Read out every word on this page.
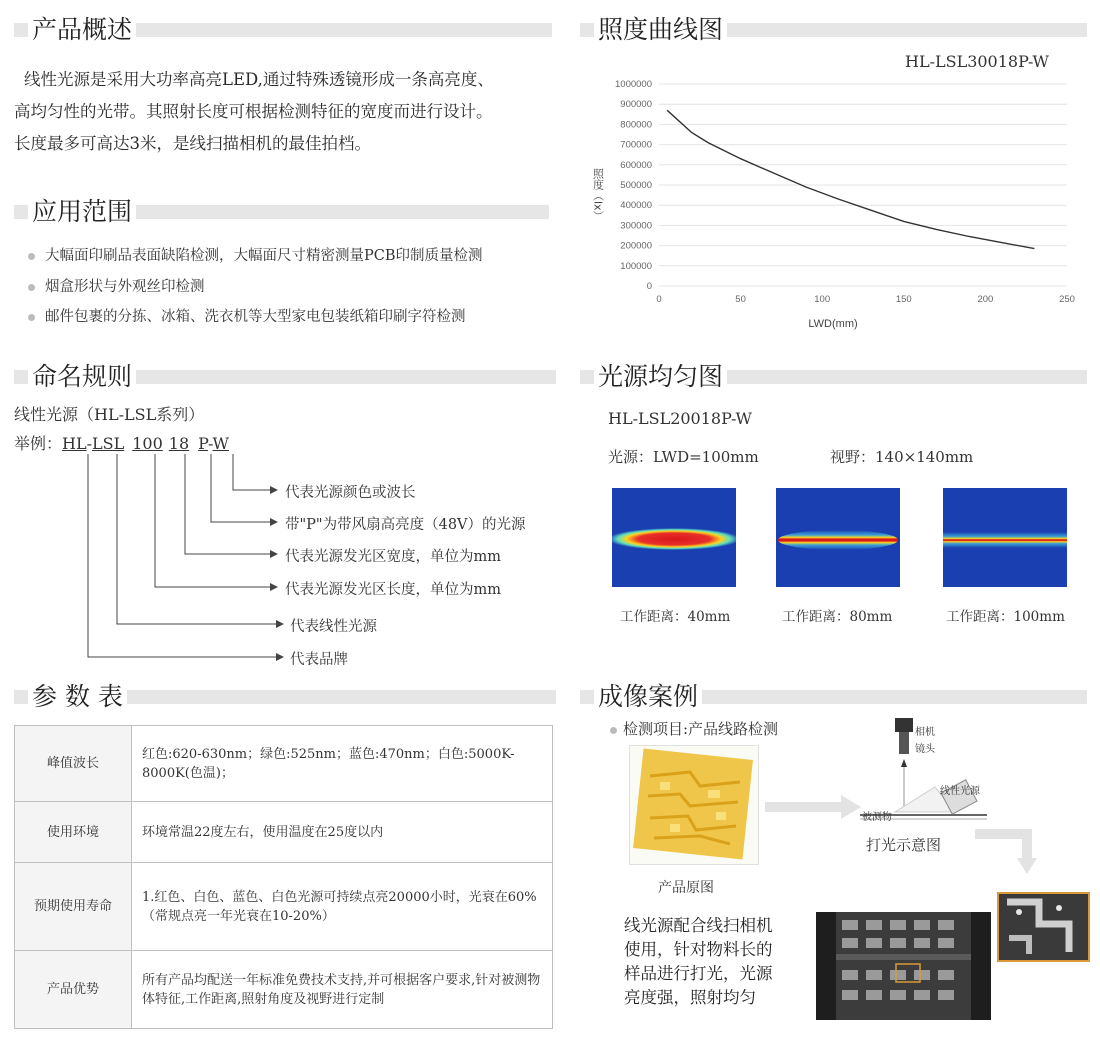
产品概述
线性光源是采用大功率高亮LED,通过特殊透镜形成一条高亮度、
高均匀性的光带。其照射长度可根据检测特征的宽度而进行设计。
长度最多可高达3米，是线扫描相机的最佳拍档。
应用范围
大幅面印刷品表面缺陷检测，大幅面尺寸精密测量PCB印制质量检测
烟盒形状与外观丝印检测
邮件包裹的分拣、冰箱、洗衣机等大型家电包装纸箱印刷字符检测
命名规则
线性光源（HL-LSL系列）
举例：HL-LSL 100 18 P-W
代表光源颜色或波长
带"P"为带风扇高亮度（48V）的光源
代表光源发光区宽度，单位为mm
代表光源发光区长度，单位为mm
代表线性光源
代表品牌
参 数 表
峰值波长	红色:620-630nm；绿色:525nm；蓝色:470nm；白色:5000K-8000K(色温)；
使用环境	环境常温22度左右，使用温度在25度以内
预期使用寿命	1.红色、白色、蓝色、白色光源可持续点亮20000小时，光衰在60%（常规点亮一年光衰在10-20%）
产品优势	所有产品均配送一年标准免费技术支持,并可根据客户要求,针对被测物体特征,工作距离,照射角度及视野进行定制
照度曲线图
HL-LSL30018P-W
0
100000
200000
300000
400000
500000
600000
700000
800000
900000
1000000
0	50	100	150	200	250
LWD(mm)
照度（lx）
光源均匀图
HL-LSL20018P-W
光源：LWD=100mm	视野：140×140mm
工作距离：40mm	工作距离：80mm	工作距离：100mm
成像案例
检测项目:产品线路检测
产品原图
相机
镜头
线性光源
被测物
打光示意图
线光源配合线扫相机
使用，针对物料长的
样品进行打光，光源
亮度强，照射均匀
